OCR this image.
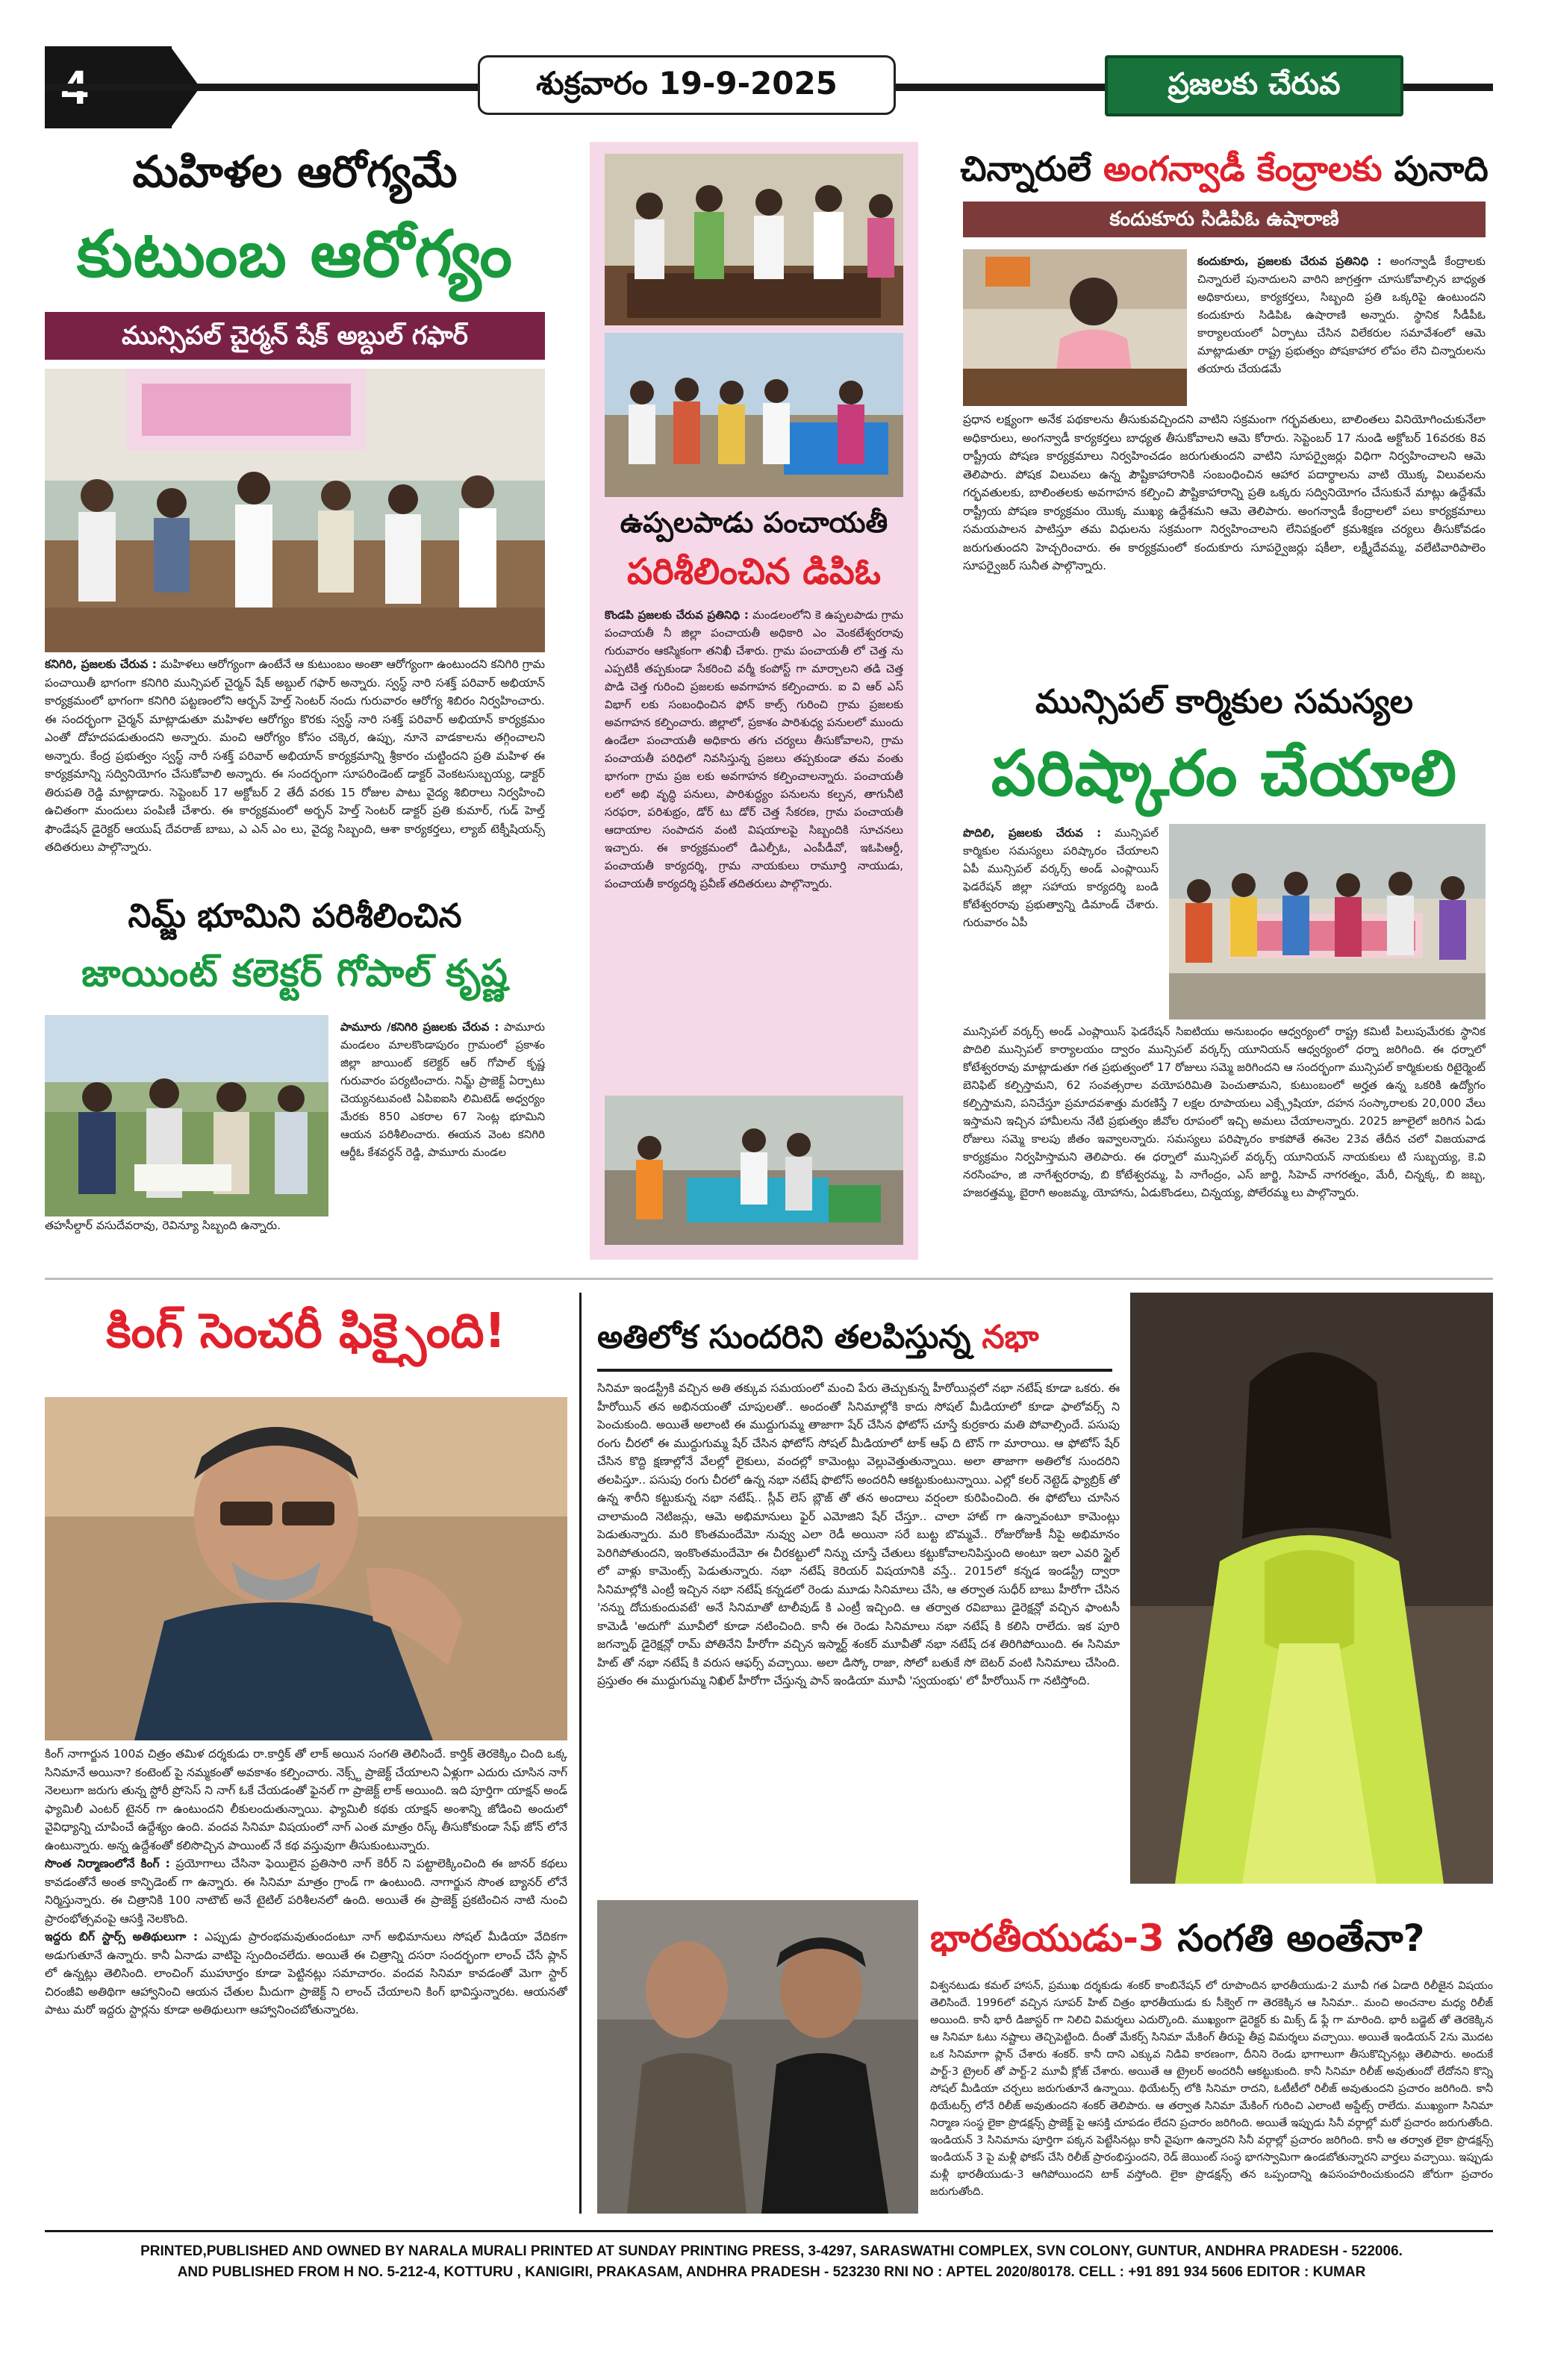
శుక్రవారం 19-9-2025	ప్రజలకు చేరువ
మహిళల ఆరోగ్యమే
కుటుంబ ఆరోగ్యం
మున్సిపల్ చైర్మన్ షేక్ అబ్దుల్ గఫార్

కనిగిరి, ప్రజలకు చేరువ : మహిళలు ఆరోగ్యంగా ఉంటేనే ఆ కుటుంబం అంతా ఆరోగ్యంగా ఉంటుందని కనిగిరి గ్రామ పంచాయితీ భాగంగా కనిగిరి మున్సిపల్ చైర్మన్ షేక్ అబ్దుల్ గఫార్ అన్నారు. స్వస్థ్ నారి సశక్త్ పరివార్ అభియాన్ కార్యక్రమంలో భాగంగా కనిగిరి పట్టణంలోని ఆర్బన్ హెల్త్ సెంటర్ నందు గురువారం ఆరోగ్య శిబిరం నిర్వహించారు. ఈ సందర్భంగా చైర్మన్ మాట్లాడుతూ మహిళల ఆరోగ్యం కొరకు స్వస్థ్ నారి సశక్త్ పరివార్ అభియాన్ కార్యక్రమం ఎంతో దోహదపడుతుందని అన్నారు. మంచి ఆరోగ్యం కోసం చక్కెర, ఉప్పు, నూనె వాడకాలను తగ్గించాలని అన్నారు. కేంద్ర ప్రభుత్వం స్వస్థ్ నారీ సశక్త్ పరివార్ అభియాన్ కార్యక్రమాన్ని శ్రీకారం చుట్టిందని ప్రతి మహిళ ఈ కార్యక్రమాన్ని సద్వినియోగం చేసుకోవాలి అన్నారు. ఈ సందర్భంగా సూపరిండెంట్ డాక్టర్ వెంకటసుబ్బయ్య, డాక్టర్ తిరుపతి రెడ్డి మాట్లాడారు. సెప్టెంబర్ 17 అక్టోబర్ 2 తేదీ వరకు 15 రోజుల పాటు వైద్య శిబిరాలు నిర్వహించి ఉచితంగా మందులు పంపిణీ చేశారు. ఈ కార్యక్రమంలో అర్బన్ హెల్త్ సెంటర్ డాక్టర్ ప్రతి కుమార్, గుడ్ హెల్త్ ఫౌండేషన్ డైరెక్టర్ ఆయుష్ దేవరాజ్ బాబు, ఎ ఎన్ ఎం లు, వైద్య సిబ్బంది, ఆశా కార్యకర్తలు, ల్యాబ్ టెక్నీషియన్స్ తదితరులు పాల్గొన్నారు.

నిమ్జ్ భూమిని పరిశీలించిన
జాయింట్ కలెక్టర్ గోపాల్ కృష్ణ

పామూరు /కనిగిరి ప్రజలకు చేరువ : పామూరు మండలం మాలకొండాపురం గ్రామంలో ప్రకాశం జిల్లా జాయింట్ కలెక్టర్ ఆర్ గోపాల్ కృష్ణ గురువారం పర్యటించారు. నిమ్జ్ ప్రాజెక్ట్ ఏర్పాటు చెయ్యనటువంటి ఏపిఐఐసి లిమిటెడ్ అధ్వర్యం మేరకు 850 ఎకరాల 67 సెంట్ల భూమిని ఆయన పరిశీలించారు. ఈయన వెంట కనిగిరి ఆర్డీఓ కేశవర్ధన్ రెడ్డి, పామూరు మండల

తహసీల్దార్ వసుదేవరావు, రెవిన్యూ సిబ్బంది ఉన్నారు.

ఉప్పలపాడు పంచాయతీ
పరిశీలించిన డిపిఓ

కొండపి ప్రజలకు చేరువ ప్రతినిధి : మండలంలోని కె ఉప్పలపాడు గ్రామ పంచాయతీ నీ జిల్లా పంచాయతీ అధికారి ఎం వెంకటేశ్వరరావు గురువారం ఆకస్మికంగా తనిఖీ చేశారు. గ్రామ పంచాయతీ లో చెత్త ను ఎప్పటికీ తప్పకుండా సేకరించి వర్మీ కంపోస్ట్ గా మార్చాలని తడి చెత్త పొడి చెత్త గురించి ప్రజలకు అవగాహన కల్పించారు. ఐ వి ఆర్ ఎస్ విభాగ్ లకు సంబంధించిన ఫోన్ కాల్స్ గురించి గ్రామ ప్రజలకు అవగాహన కల్పించారు. జిల్లాలో, ప్రకాశం పారిశుధ్య పనులలో ముందు ఉండేలా పంచాయతీ అధికారు తగు చర్యలు తీసుకోవాలని, గ్రామ పంచాయతీ పరిధిలో నివసిస్తున్న ప్రజలు తప్పకుండా తమ వంతు భాగంగా గ్రామ ప్రజ లకు అవగాహన కల్పించాలన్నారు. పంచాయతీ లలో అభి వృద్ధి పనులు, పారిశుద్ధ్యం పనులను కల్పన, తాగునీటి సరఫరా, పరిశుభ్రం, డోర్ టు డోర్ చెత్త సేకరణ, గ్రామ పంచాయతీ ఆదాయాల సంపాదన వంటి విషయాలపై సిబ్బందికి సూచనలు ఇచ్చారు. ఈ కార్యక్రమంలో డిఎల్పీఓ, ఎంపీడీవో, ఇఓపిఆర్డీ, పంచాయతీ కార్యదర్శి, గ్రామ నాయకులు రామూర్తి నాయుడు, పంచాయతీ కార్యదర్శి ప్రవీణ్ తదితరులు పాల్గొన్నారు.

చిన్నారులే అంగన్వాడీ కేంద్రాలకు పునాది
కందుకూరు సిడిపిఓ ఉషారాణి

కందుకూరు, ప్రజలకు చేరువ ప్రతినిధి : అంగన్వాడీ కేంద్రాలకు చిన్నారులే పునాదులని వారిని జాగ్రత్తగా చూసుకోవాల్సిన బాధ్యత అధికారులు, కార్యకర్తలు, సిబ్బంది ప్రతి ఒక్కరిపై ఉంటుందని కందుకూరు సిడిపిఓ ఉషారాణి అన్నారు. స్థానిక సీడీపీఓ కార్యాలయంలో ఏర్పాటు చేసిన విలేకరుల సమావేశంలో ఆమె మాట్లాడుతూ రాష్ట్ర ప్రభుత్వం పోషకాహార లోపం లేని చిన్నారులను తయారు చేయడమే

ప్రధాన లక్ష్యంగా అనేక పథకాలను తీసుకువచ్చిందని వాటిని సక్రమంగా గర్భవతులు, బాలింతలు వినియోగించుకునేలా అధికారులు, అంగన్వాడీ కార్యకర్తలు బాధ్యత తీసుకోవాలని ఆమె కోరారు. సెప్టెంబర్ 17 నుండి అక్టోబర్ 16వరకు 8వ రాష్ట్రీయ పోషణ కార్యక్రమాలు నిర్వహించడం జరుగుతుందని వాటిని సూపర్వైజర్లు విధిగా నిర్వహించాలని ఆమె తెలిపారు. పోషక విలువలు ఉన్న పౌష్టికాహారానికి సంబంధించిన ఆహార పదార్థాలను వాటి యొక్క విలువలను గర్భవతులకు, బాలింతలకు అవగాహన కల్పించి పౌష్టికాహారాన్ని ప్రతి ఒక్కరు సద్వినియోగం చేసుకునే మాట్లు ఉద్దేశమే రాష్ట్రీయ పోషణ కార్యక్రమం యొక్క ముఖ్య ఉద్దేశమని ఆమె తెలిపారు. అంగన్వాడీ కేంద్రాలలో పలు కార్యక్రమాలు సమయపాలన పాటిస్తూ తమ విధులను సక్రమంగా నిర్వహించాలని లేనిపక్షంలో క్రమశిక్షణ చర్యలు తీసుకోవడం జరుగుతుందని హెచ్చరించారు. ఈ కార్యక్రమంలో కందుకూరు సూపర్వైజర్లు షకీలా, లక్ష్మీదేవమ్మ, వలేటివారిపాలెం సూపర్వైజర్ సునీత పాల్గొన్నారు.

మున్సిపల్ కార్మికుల సమస్యల
పరిష్కారం చేయాలి

పొదిలి, ప్రజలకు చేరువ : మున్సిపల్ కార్మికుల సమస్యలు పరిష్కారం చేయాలని ఏపీ మున్సిపల్ వర్కర్స్ అండ్ ఎంప్లాయిస్ ఫెడరేషన్ జిల్లా సహాయ కార్యదర్శి బండి కోటేశ్వరరావు ప్రభుత్వాన్ని డిమాండ్ చేశారు. గురువారం ఏపీ

మున్సిపల్ వర్కర్స్ అండ్ ఎంప్లాయిస్ ఫెడరేషన్ సిఐటియు అనుబంధం ఆధ్వర్యంలో రాష్ట్ర కమిటీ పిలుపుమేరకు స్థానిక పొదిలి మున్సిపల్ కార్యాలయం ద్వారం మున్సిపల్ వర్కర్స్ యూనియన్ ఆధ్వర్యంలో ధర్నా జరిగింది. ఈ ధర్నాలో కోటేశ్వరరావు మాట్లాడుతూ గత ప్రభుత్వంలో 17 రోజులు సమ్మె జరిగిందని ఆ సందర్భంగా మున్సిపల్ కార్మికులకు రిటైర్మెంట్ బెనిఫిట్ కల్పిస్తామని, 62 సంవత్సరాల వయోపరిమితి పెంచుతామని, కుటుంబంలో అర్హత ఉన్న ఒకరికి ఉద్యోగం కల్పిస్తామని, పనిచేస్తూ ప్రమాదవశాత్తు మరణిస్తే 7 లక్షల రూపాయలు ఎక్స్గ్రేషియా, దహన సంస్కారాలకు 20,000 వేలు ఇస్తామని ఇచ్చిన హామీలను నేటి ప్రభుత్వం జీవోల రూపంలో ఇచ్చి అమలు చేయాలన్నారు. 2025 జూలైలో జరిగిన ఏడు రోజులు సమ్మె కాలపు జీతం ఇవ్వాలన్నారు. సమస్యలు పరిష్కారం కాకపోతే ఈనెల 23వ తేదీన చలో విజయవాడ కార్యక్రమం నిర్వహిస్తామని తెలిపారు. ఈ ధర్నాలో మున్సిపల్ వర్కర్స్ యూనియన్ నాయకులు టి సుబ్బయ్య, కె.వి నరసింహం, జి నాగేశ్వరరావు, బి కోటేశ్వరమ్మ, పి నాగేంద్రం, ఎస్ జార్జి, సిహెచ్ నాగరత్నం, మేరీ, చిన్నక్క, బి జబ్బ, హజరత్తమ్మ, బైరాగి అంజమ్మ, యోహాను, ఏడుకొండలు, చిన్నయ్య, పోలేరమ్మ లు పాల్గొన్నారు.

కింగ్ సెంచరీ ఫిక్సైంది!

కింగ్ నాగార్జున 100వ చిత్రం తమిళ దర్శకుడు రా.కార్తిక్ తో లాక్ అయిన సంగతి తెలిసిందే. కార్తిక్ తెరకెక్కిం చింది ఒక్క సినిమానే అయినా? కంటెంట్ పై నమ్మకంతో అవకాశం కల్పించారు. నెక్స్ట్ ప్రాజెక్ట్ చేయాలని ఏళ్లుగా ఎదురు చూసిన నాగ్ నెలలుగా జరుగు తున్న స్టోరీ ప్రోసెస్ ని నాగ్ ఓకే చేయడంతో ఫైనల్ గా ప్రాజెక్ట్ లాక్ అయింది. ఇది పూర్తిగా యాక్షన్ అండ్ ఫ్యామిలీ ఎంటర్ టైనర్ గా ఉంటుందని లీకులందుతున్నాయి. ఫ్యామిలీ కథకు యాక్షన్ అంశాన్ని జోడించి అందులో వైవిధ్యాన్ని చూపించే ఉద్దేశ్యం ఉంది. వందవ సినిమా విషయంలో నాగ్ ఎంత మాత్రం రిస్క్ తీసుకోకుండా సేఫ్ జోన్ లోనే ఉంటున్నారు. అన్న ఉద్దేశంతో కలిసొచ్చిన పాయింట్ నే కథ వస్తువుగా తీసుకుంటున్నారు.
సొంత నిర్మాణంలోనే కింగ్ : ప్రయోగాలు చేసినా ఫెయిలైన ప్రతిసారి నాగ్ కెరీర్ ని పట్టాలెక్కించింది ఈ జానర్ కథలు కావడంతోనే అంత కాన్ఫిడెంట్ గా ఉన్నారు. ఈ సినిమా మాత్రం గ్రాండ్ గా ఉంటుంది. నాగార్జున సొంత బ్యానర్ లోనే నిర్మిస్తున్నారు. ఈ చిత్రానికి 100 నాటౌట్ అనే టైటిల్ పరిశీలనలో ఉంది. అయితే ఈ ప్రాజెక్ట్ ప్రకటించిన నాటి నుంచి ప్రారంభోత్సవంపై ఆసక్తి నెలకొంది.
ఇద్దరు బిగ్ స్టార్స్ అతిథులుగా : ఎప్పుడు ప్రారంభమవుతుందంటూ నాగ్ అభిమానులు సోషల్ మీడియా వేదికగా అడుగుతూనే ఉన్నారు. కానీ ఏనాడు వాటిపై స్పందించలేదు. అయితే ఈ చిత్రాన్ని దసరా సందర్భంగా లాంచ్ చేసే ప్లాన్ లో ఉన్నట్లు తెలిసింది. లాంచింగ్ ముహూర్తం కూడా పెట్టినట్లు సమాచారం. వందవ సినిమా కావడంతో మెగా స్టార్ చిరంజీవి అతిథిగా ఆహ్వానించి ఆయన చేతుల మీదుగా ప్రాజెక్ట్ ని లాంచ్ చేయాలని కింగ్ భావిస్తున్నారట. ఆయనతో పాటు మరో ఇద్దరు స్టార్లను కూడా అతిథులుగా ఆహ్వానించబోతున్నారట.

అతిలోక సుందరిని తలపిస్తున్న నభా

సినిమా ఇండస్ట్రీకి వచ్చిన అతి తక్కువ సమయంలో మంచి పేరు తెచ్చుకున్న హీరోయిన్లలో నభా నటేష్ కూడా ఒకరు. ఈ హీరోయిన్ తన అభినయంతో చూపులతో.. అందంతో సినిమాల్లోకి కాదు సోషల్ మీడియాలో కూడా ఫాలోవర్స్ ని పెంచుకుంది. అయితే అలాంటి ఈ ముద్దుగుమ్మ తాజాగా షేర్ చేసిన ఫోటోస్ చూస్తే కుర్రకారు మతి పోవాల్సిందే. పసుపు రంగు చీరలో ఈ ముద్దుగుమ్మ షేర్ చేసిన ఫోటోస్ సోషల్ మీడియాలో టాక్ ఆఫ్ ది టౌన్ గా మారాయి. ఆ ఫోటోస్ షేర్ చేసిన కొద్ది క్షణాల్లోనే వేలల్లో లైకులు, వందల్లో కామెంట్లు వెల్లువెత్తుతున్నాయి. అలా తాజాగా అతిలోక సుందరిని తలపిస్తూ.. పసుపు రంగు చీరలో ఉన్న నభా నటేష్ ఫొటోస్ అందరినీ ఆకట్టుకుంటున్నాయి. ఎల్లో కలర్ నెట్టెడ్ ఫ్యాబ్రిక్ తో ఉన్న శారీని కట్టుకున్న నభా నటేష్.. స్లీవ్ లెస్ బ్లౌజ్ తో తన అందాలు వర్షంలా కురిపించింది. ఈ ఫోటోలు చూసిన చాలామంది నెటిజన్లు, ఆమె అభిమానులు ఫైర్ ఎమోజిని షేర్ చేస్తూ.. చాలా హాట్ గా ఉన్నావంటూ కామెంట్లు పెడుతున్నారు. మరి కొంతమందేమో నువ్వు ఎలా రెడీ అయినా సరే బుట్ట బొమ్మవే.. రోజురోజుకీ నీపై అభిమానం పెరిగిపోతుందని, ఇంకొంతమందేమో ఈ చీరకట్టులో నిన్ను చూస్తే చేతులు కట్టుకోవాలనిపిస్తుంది అంటూ ఇలా ఎవరి స్టైల్ లో వాళ్లు కామెంట్స్ పెడుతున్నారు. నభా నటేష్ కెరియర్ విషయానికి వస్తే.. 2015లో కన్నడ ఇండస్ట్రీ ద్వారా సినిమాల్లోకి ఎంట్రీ ఇచ్చిన నభా నటేష్ కన్నడలో రెండు మూడు సినిమాలు చేసి, ఆ తర్వాత సుధీర్ బాబు హీరోగా చేసిన 'నన్ను దోచుకుందువటే' అనే సినిమాతో టాలీవుడ్ కి ఎంట్రీ ఇచ్చింది. ఆ తర్వాత రవిబాబు డైరెక్షన్లో వచ్చిన ఫాంటసీ కామెడీ 'అదుగో' మూవీలో కూడా నటించింది. కానీ ఈ రెండు సినిమాలు నభా నటేష్ కి కలిసి రాలేదు. ఇక పూరి జగన్నాథ్ డైరెక్షన్లో రామ్ పోతినేని హీరోగా వచ్చిన ఇస్మార్ట్ శంకర్ మూవీతో నభా నటేష్ దశ తిరిగిపోయింది. ఈ సినిమా హిట్ తో నభా నటేష్ కి వరుస ఆఫర్స్ వచ్చాయి. అలా డిస్కో రాజా, సోలో బతుకే సో బెటర్ వంటి సినిమాలు చేసింది. ప్రస్తుతం ఈ ముద్దుగుమ్మ నిఖిల్ హీరోగా చేస్తున్న పాన్ ఇండియా మూవీ 'స్వయంభు' లో హీరోయిన్ గా నటిస్తోంది.

భారతీయుడు-3 సంగతి అంతేనా?

విశ్వనటుడు కమల్ హాసన్, ప్రముఖ దర్శకుడు శంకర్ కాంబినేషన్ లో రూపొందిన భారతీయుడు-2 మూవీ గత ఏడాది రిలీజైన విషయం తెలిసిందే. 1996లో వచ్చిన సూపర్ హిట్ చిత్రం భారతీయుడు కు సీక్వెల్ గా తెరకెక్కిన ఆ సినిమా.. మంచి అంచనాల మధ్య రిలీజ్ అయింది. కానీ భారీ డిజాస్టర్ గా నిలిచి విమర్శలు ఎదుర్కొంది. ముఖ్యంగా డైరెక్టర్ కు మిక్స్ డ్ ఫ్లే గా మారింది. భారీ బడ్జెట్ తో తెరకెక్కిన ఆ సినిమా ఓటు నష్టాలు తెచ్చిపెట్టింది. దీంతో మేకర్స్ సినిమా మేకింగ్ తీరుపై తీవ్ర విమర్శలు వచ్చాయి. అయితే ఇండియన్ 2ను మొదట ఒక సినిమాగా ప్లాన్ చేశారు శంకర్. కానీ దాని ఎక్కువ నిడివి కారణంగా, దీనిని రెండు భాగాలుగా తీసుకొచ్చినట్లు తెలిపారు. అందుకే పార్ట్-3 ట్రైలర్ తో పార్ట్-2 మూవీ క్లోజ్ చేశారు. అయితే ఆ ట్రైలర్ అందరినీ ఆకట్టుకుంది. కానీ సినిమా రిలీజ్ అవుతుందో లేదోనని కొన్ని సోషల్ మీడియా చర్చలు జరుగుతూనే ఉన్నాయి. థియేటర్స్ లోకి సినిమా రాదని, ఓటీటీలో రిలీజ్ అవుతుందని ప్రచారం జరిగింది. కానీ థియేటర్స్ లోనే రిలీజ్ అవుతుందని శంకర్ తెలిపారు. ఆ తర్వాత సినిమా మేకింగ్ గురించి ఎలాంటి అప్డేట్స్ రాలేదు. ముఖ్యంగా సినిమా నిర్మాణ సంస్థ లైకా ప్రొడక్షన్స్ ప్రాజెక్ట్ పై ఆసక్తి చూపడం లేదని ప్రచారం జరిగింది. అయితే ఇప్పుడు సినీ వర్గాల్లో మరో ప్రచారం జరుగుతోంది. ఇండియన్ 3 సినిమాను పూర్తిగా పక్కన పెట్టేసినట్లు కానీ వైపుగా ఉన్నారని సినీ వర్గాల్లో ప్రచారం జరిగింది. కానీ ఆ తర్వాత లైకా ప్రొడక్షన్స్ ఇండియన్ 3 పై మళ్లీ ఫోకస్ చేసి రిలీజ్ ప్రారంభిస్తుందని, రెడ్ జెయింట్ సంస్థ భాగస్వామిగా ఉండబోతున్నారని వార్తలు వచ్చాయి. ఇప్పుడు మళ్లీ భారతీయుడు-3 ఆగిపోయిందని టాక్ వస్తోంది. లైకా ప్రొడక్షన్స్ తన ఒప్పందాన్ని ఉపసంహరించుకుందని జోరుగా ప్రచారం జరుగుతోంది.

PRINTED,PUBLISHED AND OWNED BY NARALA MURALI PRINTED AT SUNDAY PRINTING PRESS, 3-4297, SARASWATHI COMPLEX, SVN COLONY, GUNTUR, ANDHRA PRADESH - 522006.
AND PUBLISHED FROM H NO. 5-212-4, KOTTURU , KANIGIRI, PRAKASAM, ANDHRA PRADESH - 523230 RNI NO : APTEL 2020/80178. CELL : +91 891 934 5606 EDITOR : KUMAR
